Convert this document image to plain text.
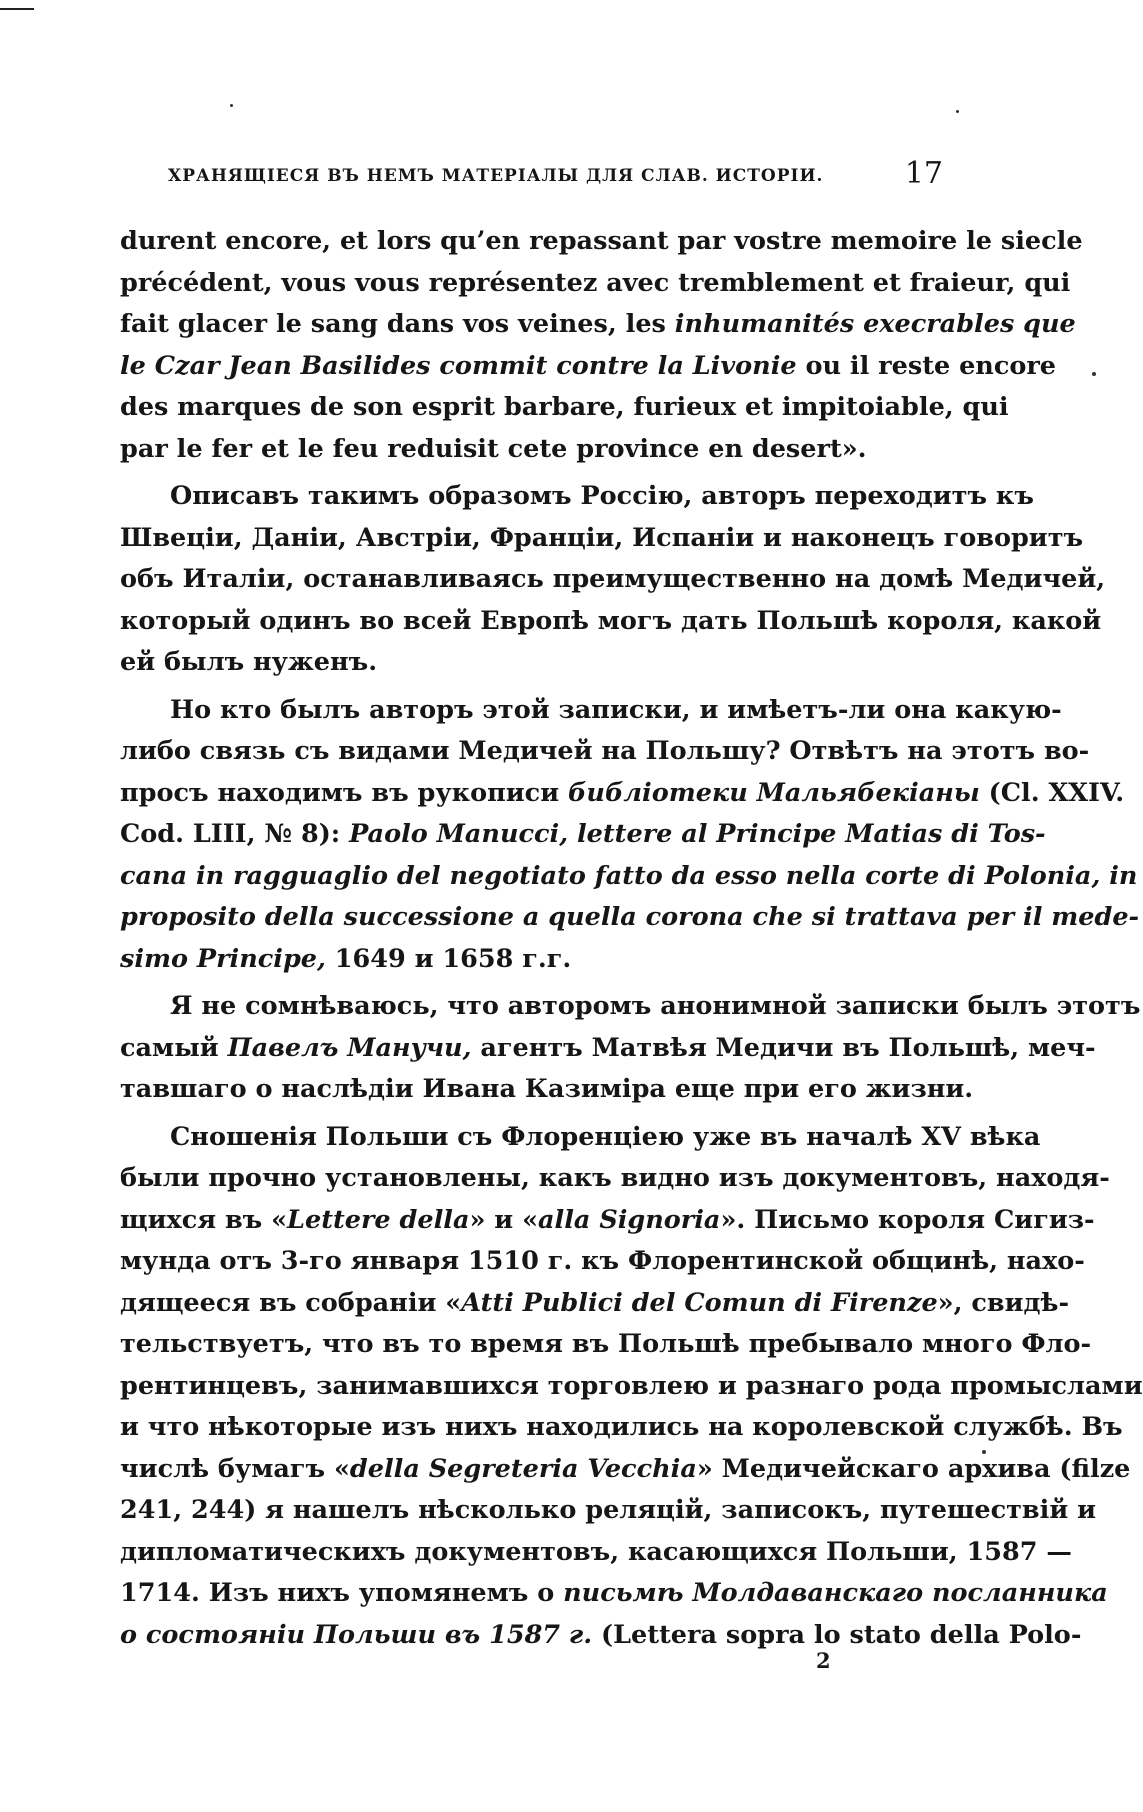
ХРАНЯЩІЕСЯ ВЪ НЕМЪ МАТЕРІАЛЫ ДЛЯ СЛАВ. ИСТОРІИ.	17
durent encore, et lors qu’en repassant par vostre memoire le siecle
précédent, vous vous représentez avec tremblement et fraieur, qui
fait glacer le sang dans vos veines, les inhumanités execrables que
le Czar Jean Basilides commit contre la Livonie ou il reste encore
des marques de son esprit barbare, furieux et impitoiable, qui
par le fer et le feu reduisit cete province en desert».
Описавъ такимъ образомъ Россію, авторъ переходитъ къ
Швеціи, Даніи, Австріи, Франціи, Испаніи и наконецъ говоритъ
объ Италіи, останавливаясь преимущественно на домѣ Медичей,
который одинъ во всей Европѣ могъ дать Польшѣ короля, какой
ей былъ нуженъ.
Но кто былъ авторъ этой записки, и имѣетъ-ли она какую-
либо связь съ видами Медичей на Польшу? Отвѣтъ на этотъ во-
просъ находимъ въ рукописи библіотеки Мальябекіаны (Cl. XXIV.
Cod. LIII, № 8): Paolo Manucci, lettere al Principe Matias di Tos-
cana in ragguaglio del negotiato fatto da esso nella corte di Polonia, in
proposito della successione a quella corona che si trattava per il mede-
simo Principe, 1649 и 1658 г.г.
Я не сомнѣваюсь, что авторомъ анонимной записки былъ этотъ
самый Павелъ Манучи, агентъ Матвѣя Медичи въ Польшѣ, меч-
тавшаго о наслѣдіи Ивана Казиміра еще при его жизни.
Сношенія Польши съ Флоренціею уже въ началѣ XV вѣка
были прочно установлены, какъ видно изъ документовъ, находя-
щихся въ «Lettere della» и «alla Signoria». Письмо короля Сигиз-
мунда отъ 3-го января 1510 г. къ Флорентинской общинѣ, нахо-
дящееся въ собраніи «Atti Publici del Comun di Firenze», свидѣ-
тельствуетъ, что въ то время въ Польшѣ пребывало много Фло-
рентинцевъ, занимавшихся торговлею и разнаго рода промыслами
и что нѣкоторые изъ нихъ находились на королевской службѣ. Въ
числѣ бумагъ «della Segreteria Vecchia» Медичейскаго архива (filze
241, 244) я нашелъ нѣсколько реляцій, записокъ, путешествій и
дипломатическихъ документовъ, касающихся Польши, 1587 —
1714. Изъ нихъ упомянемъ о письмѣ Молдаванскаго посланника
о состояніи Польши въ 1587 г. (Lettera sopra lo stato della Polo-
2
